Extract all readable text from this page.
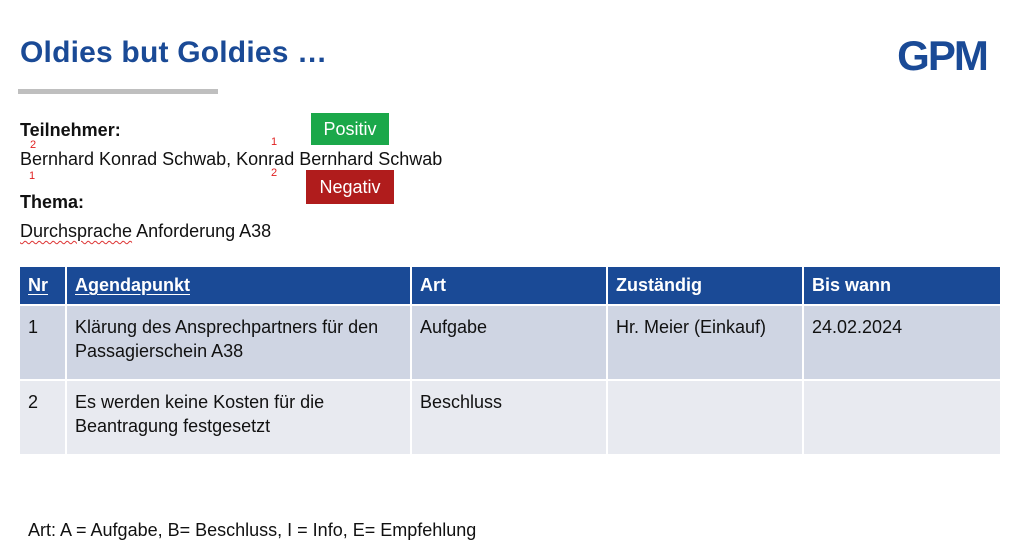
Oldies but Goldies …	GPM
Teilnehmer:
2	1
1	2
Bernhard Konrad Schwab, Konrad Bernhard Schwab
Positiv
Negativ
Thema:
Durchsprache Anforderung A38
Nr	Agendapunkt	Art	Zuständig	Bis wann
1	Klärung des Ansprechpartners für den Passagierschein A38	Aufgabe	Hr. Meier (Einkauf)	24.02.2024
2	Es werden keine Kosten für die Beantragung festgesetzt	Beschluss		
Art: A = Aufgabe, B= Beschluss, I = Info, E= Empfehlung
